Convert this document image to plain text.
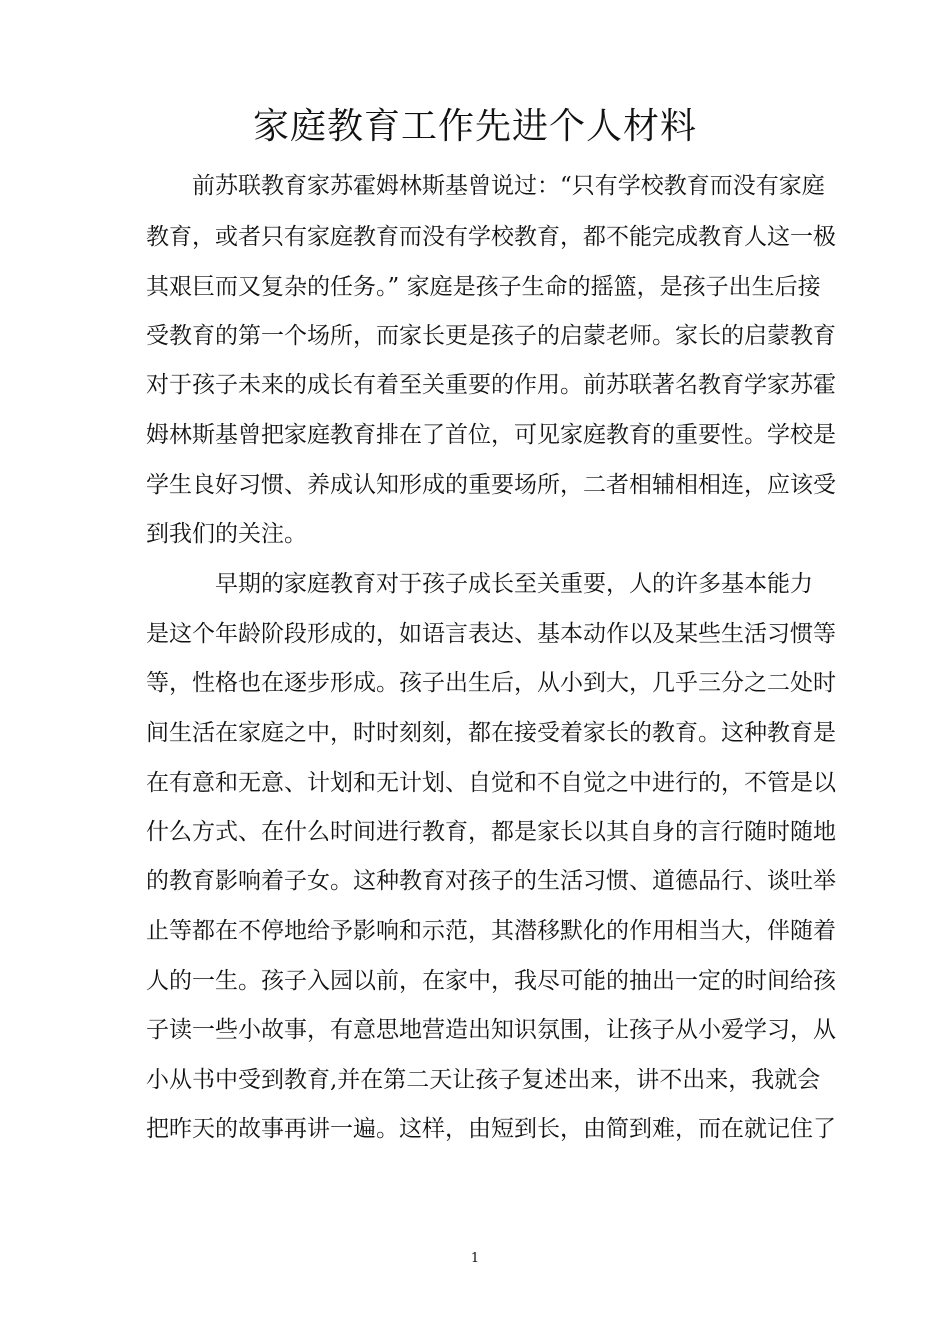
家庭教育工作先进个人材料
　　前苏联教育家苏霍姆林斯基曾说过：“只有学校教育而没有家庭
教育，或者只有家庭教育而没有学校教育，都不能完成教育人这一极
其艰巨而又复杂的任务。” 家庭是孩子生命的摇篮，是孩子出生后接
受教育的第一个场所，而家长更是孩子的启蒙老师。家长的启蒙教育
对于孩子未来的成长有着至关重要的作用。前苏联著名教育学家苏霍
姆林斯基曾把家庭教育排在了首位，可见家庭教育的重要性。学校是
学生良好习惯、养成认知形成的重要场所，二者相辅相相连，应该受
到我们的关注。
　　　早期的家庭教育对于孩子成长至关重要，人的许多基本能力
是这个年龄阶段形成的，如语言表达、基本动作以及某些生活习惯等
等，性格也在逐步形成。孩子出生后，从小到大，几乎三分之二处时
间生活在家庭之中，时时刻刻，都在接受着家长的教育。这种教育是
在有意和无意、计划和无计划、自觉和不自觉之中进行的，不管是以
什么方式、在什么时间进行教育，都是家长以其自身的言行随时随地
的教育影响着子女。这种教育对孩子的生活习惯、道德品行、谈吐举
止等都在不停地给予影响和示范，其潜移默化的作用相当大，伴随着
人的一生。孩子入园以前，在家中，我尽可能的抽出一定的时间给孩
子读一些小故事，有意思地营造出知识氛围，让孩子从小爱学习，从
小从书中受到教育,并在第二天让孩子复述出来，讲不出来，我就会
把昨天的故事再讲一遍。这样，由短到长，由简到难，而在就记住了
1
